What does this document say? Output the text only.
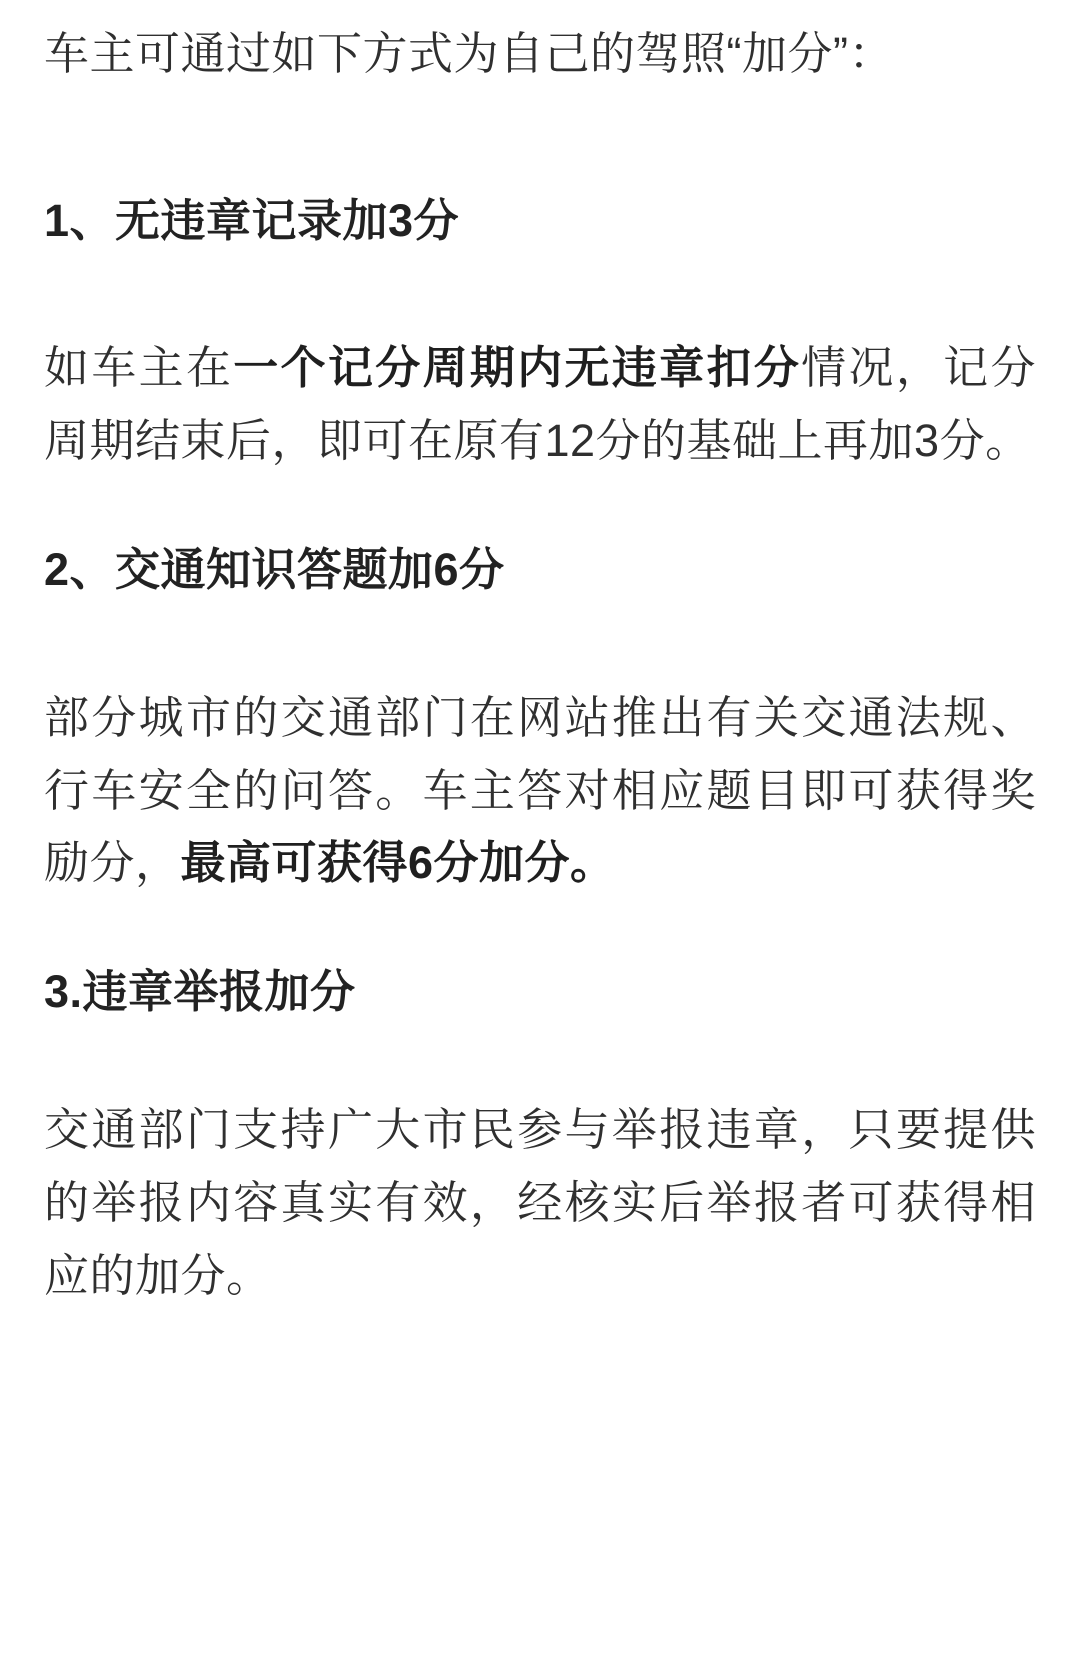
车主可通过如下方式为自己的驾照“加分”：

1、无违章记录加3分

如车主在一个记分周期内无违章扣分情况，记分周期结束后，即可在原有12分的基础上再加3分。

2、交通知识答题加6分

部分城市的交通部门在网站推出有关交通法规、行车安全的问答。车主答对相应题目即可获得奖励分，最高可获得6分加分。

3.违章举报加分

交通部门支持广大市民参与举报违章，只要提供的举报内容真实有效，经核实后举报者可获得相应的加分。
